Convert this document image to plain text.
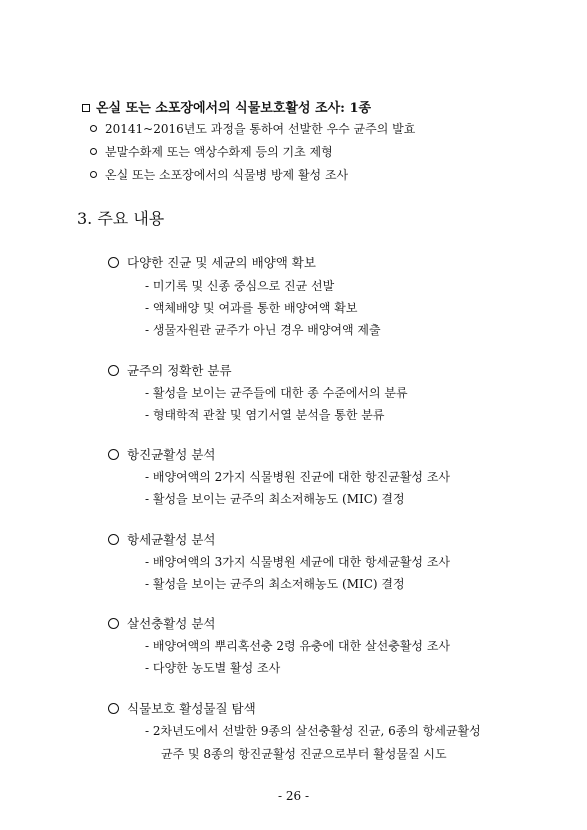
온실 또는 소포장에서의 식물보호활성 조사: 1종
20141~2016년도 과정을 통하여 선발한 우수 균주의 발효
분말수화제 또는 액상수화제 등의 기초 제형
온실 또는 소포장에서의 식물병 방제 활성 조사
3. 주요 내용
다양한 진균 및 세균의 배양액 확보
- 미기록 및 신종 중심으로 진균 선발
- 액체배양 및 여과를 통한 배양여액 확보
- 생물자원관 균주가 아닌 경우 배양여액 제출
균주의 정확한 분류
- 활성을 보이는 균주들에 대한 종 수준에서의 분류
- 형태학적 관찰 및 염기서열 분석을 통한 분류
항진균활성 분석
- 배양여액의 2가지 식물병원 진균에 대한 항진균활성 조사
- 활성을 보이는 균주의 최소저해농도 (MIC) 결정
항세균활성 분석
- 배양여액의 3가지 식물병원 세균에 대한 항세균활성 조사
- 활성을 보이는 균주의 최소저해농도 (MIC) 결정
살선충활성 분석
- 배양여액의 뿌리혹선충 2령 유충에 대한 살선충활성 조사
- 다양한 농도별 활성 조사
식물보호 활성물질 탐색
- 2차년도에서 선발한 9종의 살선충활성 진균, 6종의 항세균활성
균주 및 8종의 항진균활성 진균으로부터 활성물질 시도
- 26 -
